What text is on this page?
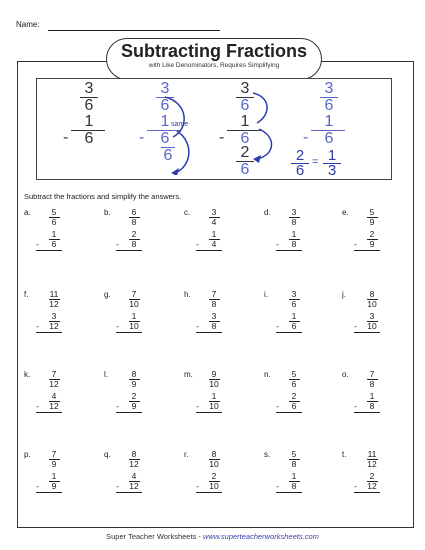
Name:
Subtracting Fractions
with Like Denominators, Requires Simplifying
3
6
1
-	6
3
6
1
-	6
6
same
3
6
1
-	6
2
6
3
6
1
-	6
2
6 = 1
3
Subtract the fractions and simplify the answers.
a.	5
6
1
6
-
b.	6
8
2
8
-
c.	3
4
1
4
-
d.	3
8
1
8
-
e.	5
9
2
9
-
f.	11
12
3
12
-
g.	7
10
1
10
-
h.	7
8
3
8
-
i.	3
6
1
6
-
j.	8
10
3
10
-
k.	7
12
4
12
-
l.	8
9
2
9
-
m.	9
10
1
10
-
n.	5
6
2
6
-
o.	7
8
1
8
-
p.	7
9
1
9
-
q.	8
12
4
12
-
r.	8
10
2
10
-
s.	5
8
1
8
-
t.	11
12
2
12
-
Super Teacher Worksheets - www.superteacherworksheets.com
